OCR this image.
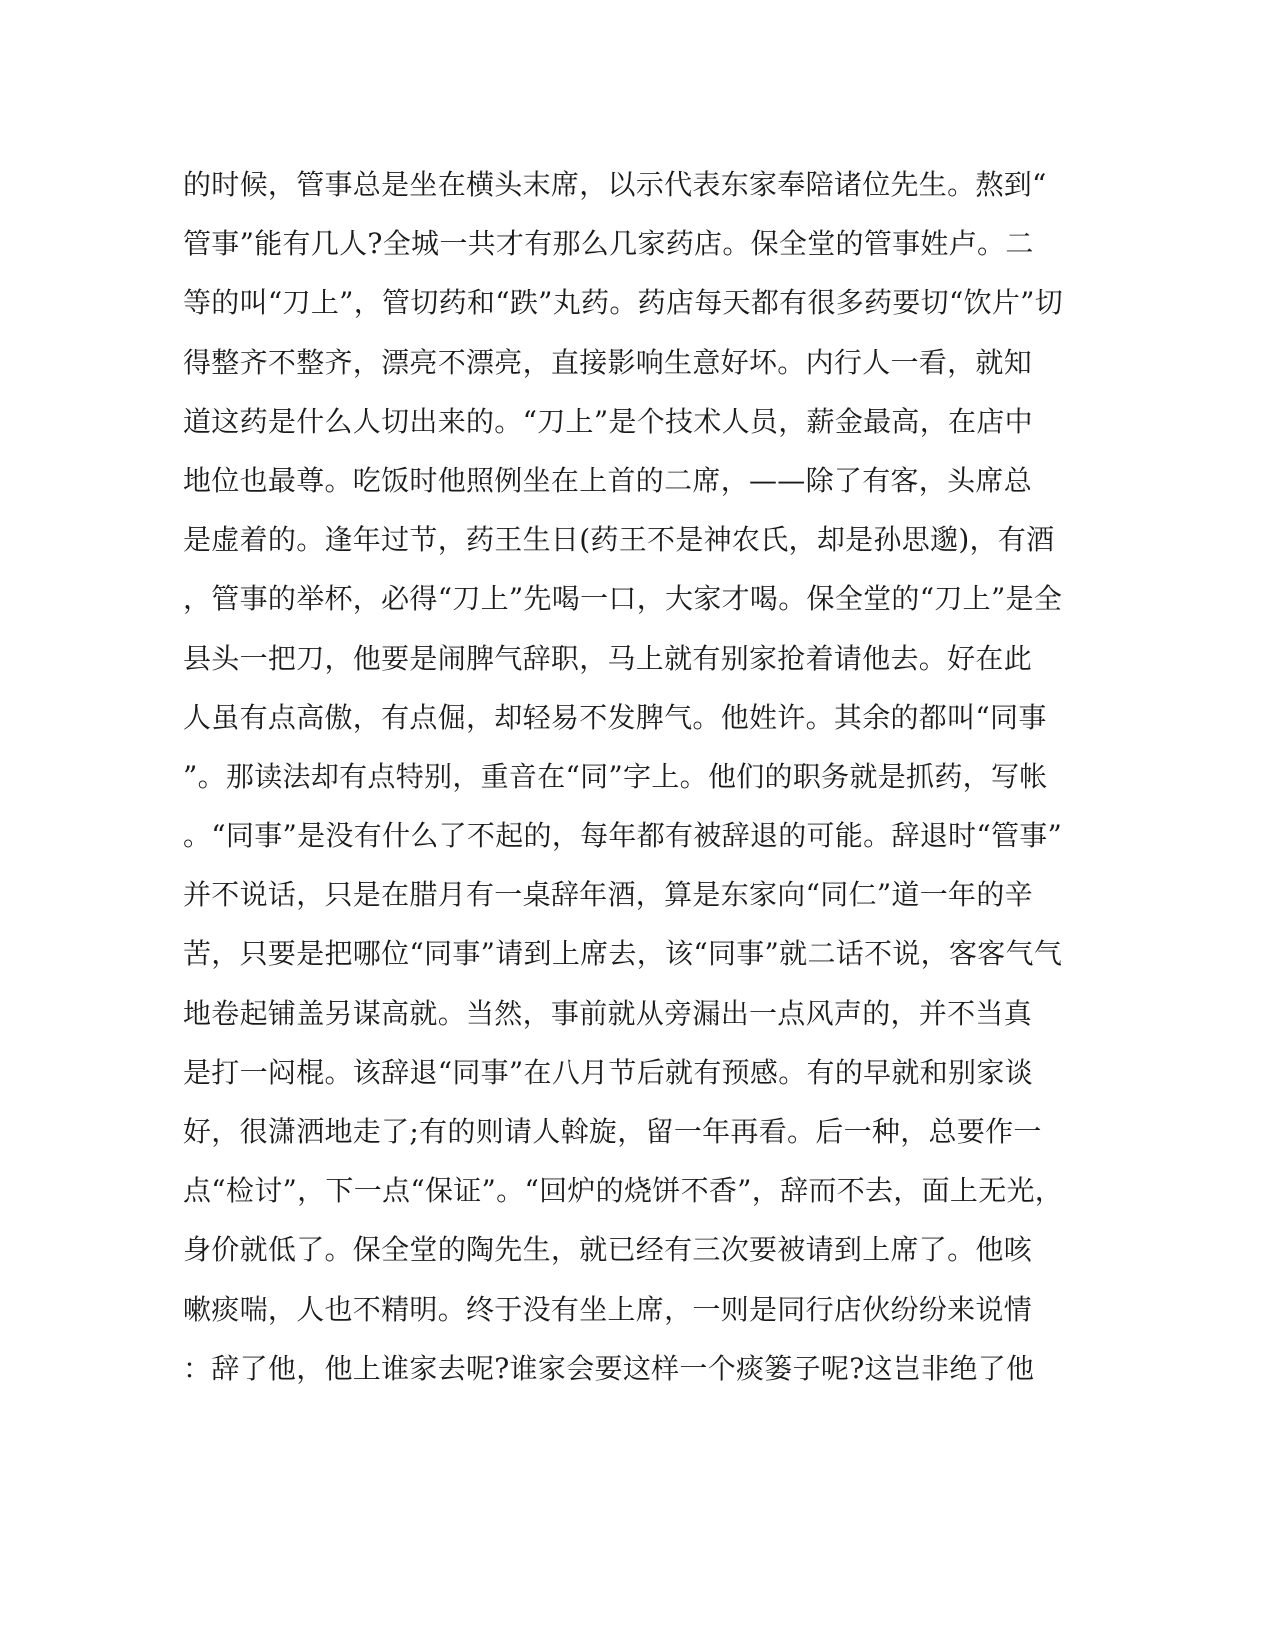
的时候，管事总是坐在横头末席，以示代表东家奉陪诸位先生。熬到“
管事”能有几人?全城一共才有那么几家药店。保全堂的管事姓卢。二
等的叫“刀上”，管切药和“跌”丸药。药店每天都有很多药要切“饮片”切
得整齐不整齐，漂亮不漂亮，直接影响生意好坏。内行人一看，就知
道这药是什么人切出来的。“刀上”是个技术人员，薪金最高，在店中
地位也最尊。吃饭时他照例坐在上首的二席，——除了有客，头席总
是虚着的。逢年过节，药王生日(药王不是神农氏，却是孙思邈)，有酒
，管事的举杯，必得“刀上”先喝一口，大家才喝。保全堂的“刀上”是全
县头一把刀，他要是闹脾气辞职，马上就有别家抢着请他去。好在此
人虽有点高傲，有点倔，却轻易不发脾气。他姓许。其余的都叫“同事
”。那读法却有点特别，重音在“同”字上。他们的职务就是抓药，写帐
。“同事”是没有什么了不起的，每年都有被辞退的可能。辞退时“管事”
并不说话，只是在腊月有一桌辞年酒，算是东家向“同仁”道一年的辛
苦，只要是把哪位“同事”请到上席去，该“同事”就二话不说，客客气气
地卷起铺盖另谋高就。当然，事前就从旁漏出一点风声的，并不当真
是打一闷棍。该辞退“同事”在八月节后就有预感。有的早就和别家谈
好，很潇洒地走了;有的则请人斡旋，留一年再看。后一种，总要作一
点“检讨”，下一点“保证”。“回炉的烧饼不香”，辞而不去，面上无光，
身价就低了。保全堂的陶先生，就已经有三次要被请到上席了。他咳
嗽痰喘，人也不精明。终于没有坐上席，一则是同行店伙纷纷来说情
：辞了他，他上谁家去呢?谁家会要这样一个痰篓子呢?这岂非绝了他
